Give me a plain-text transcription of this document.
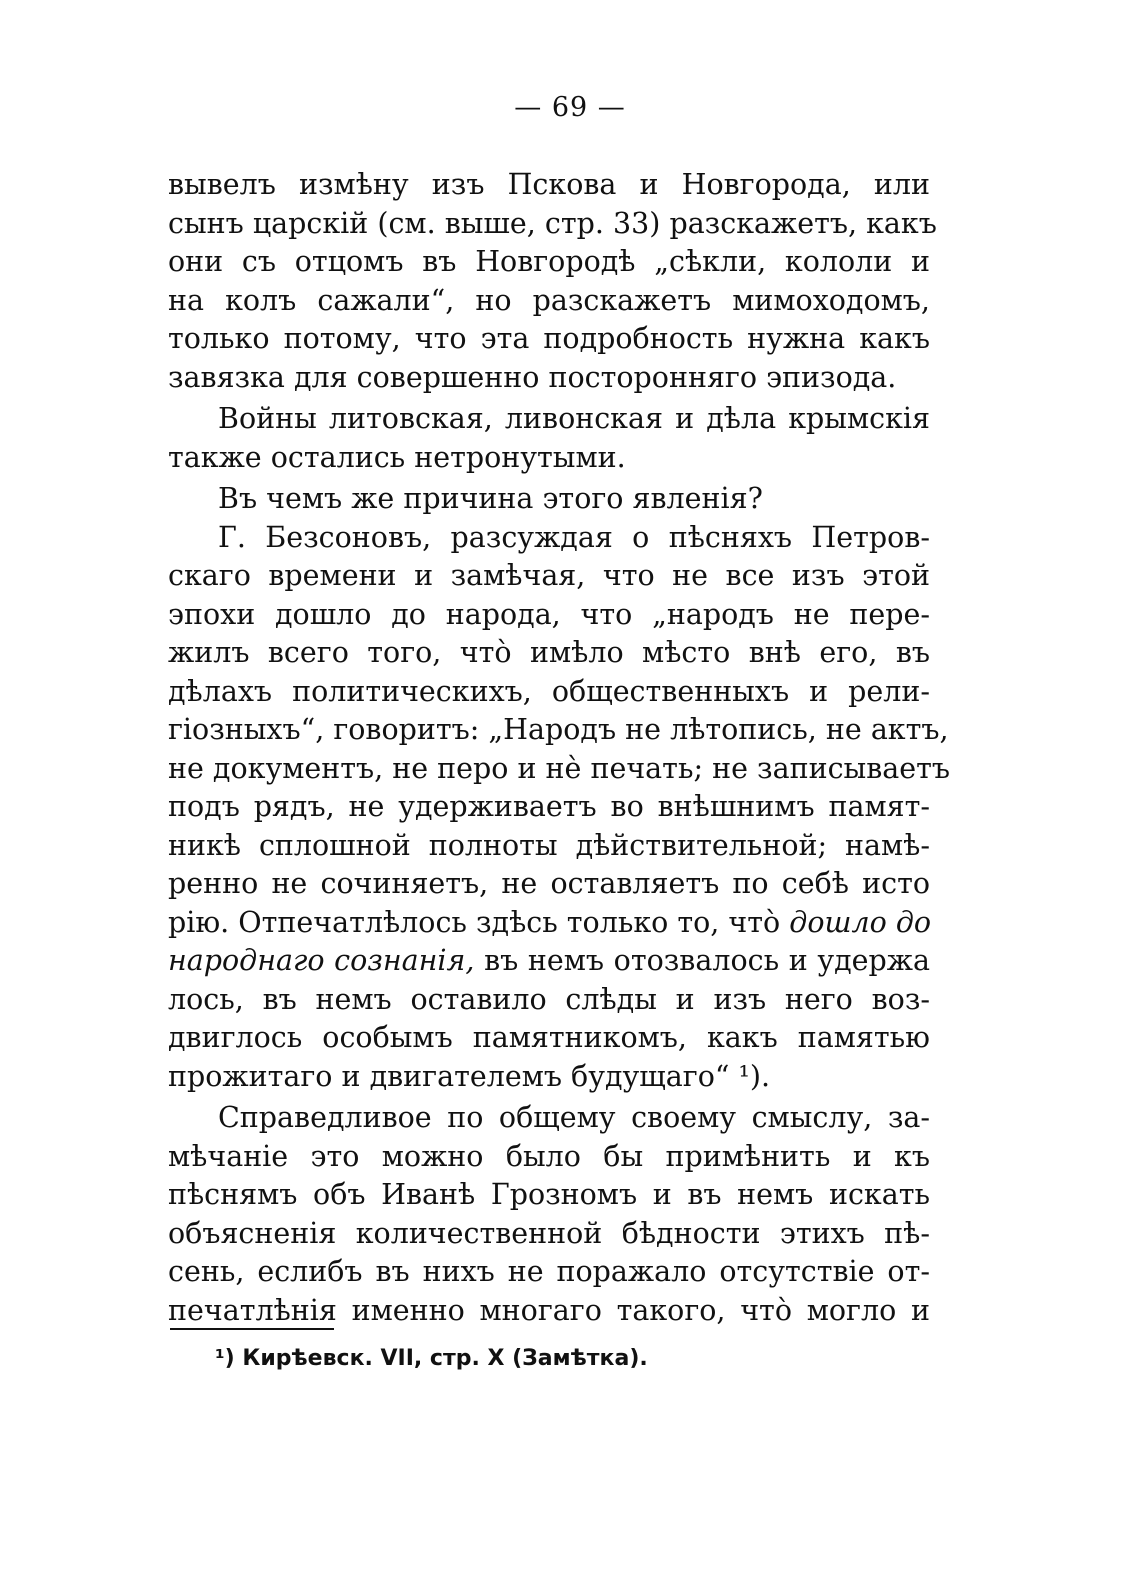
— 69 —
вывелъ измѣну изъ Пскова и Новгорода, или
сынъ царскій (см. выше, стр. 33) разскажетъ, какъ
они съ отцомъ въ Новгородѣ „сѣкли, кололи и
на колъ сажали“, но разскажетъ мимоходомъ,
только потому, что эта подробность нужна какъ
завязка для совершенно посторонняго эпизода.
Войны литовская, ливонская и дѣла крымскія
также остались нетронутыми.
Въ чемъ же причина этого явленія?
Г. Безсоновъ, разсуждая о пѣсняхъ Петров-
скаго времени и замѣчая, что не все изъ этой
эпохи дошло до народа, что „народъ не пере-
жилъ всего того, что̀ имѣло мѣсто внѣ его, въ
дѣлахъ политическихъ, общественныхъ и рели-
гіозныхъ“, говоритъ: „Народъ не лѣтопись, не актъ,
не документъ, не перо и нѐ печать; не записываетъ
подъ рядъ, не удерживаетъ во внѣшнимъ памят-
никѣ сплошной полноты дѣйствительной; намѣ-
ренно не сочиняетъ, не оставляетъ по себѣ исто
рію. Отпечатлѣлось здѣсь только то, что̀ дошло до
народнаго сознанія, въ немъ отозвалось и удержа
лось, въ немъ оставило слѣды и изъ него воз-
двиглось особымъ памятникомъ, какъ памятью
прожитаго и двигателемъ будущаго“ ¹).
Справедливое по общему своему смыслу, за-
мѣчаніе это можно было бы примѣнить и къ
пѣснямъ объ Иванѣ Грозномъ и въ немъ искать
объясненія количественной бѣдности этихъ пѣ-
сень, еслибъ въ нихъ не поражало отсутствіе от-
печатлѣнія именно многаго такого, что̀ могло и
¹) Кирѣевск. VII, стр. X (Замѣтка).
